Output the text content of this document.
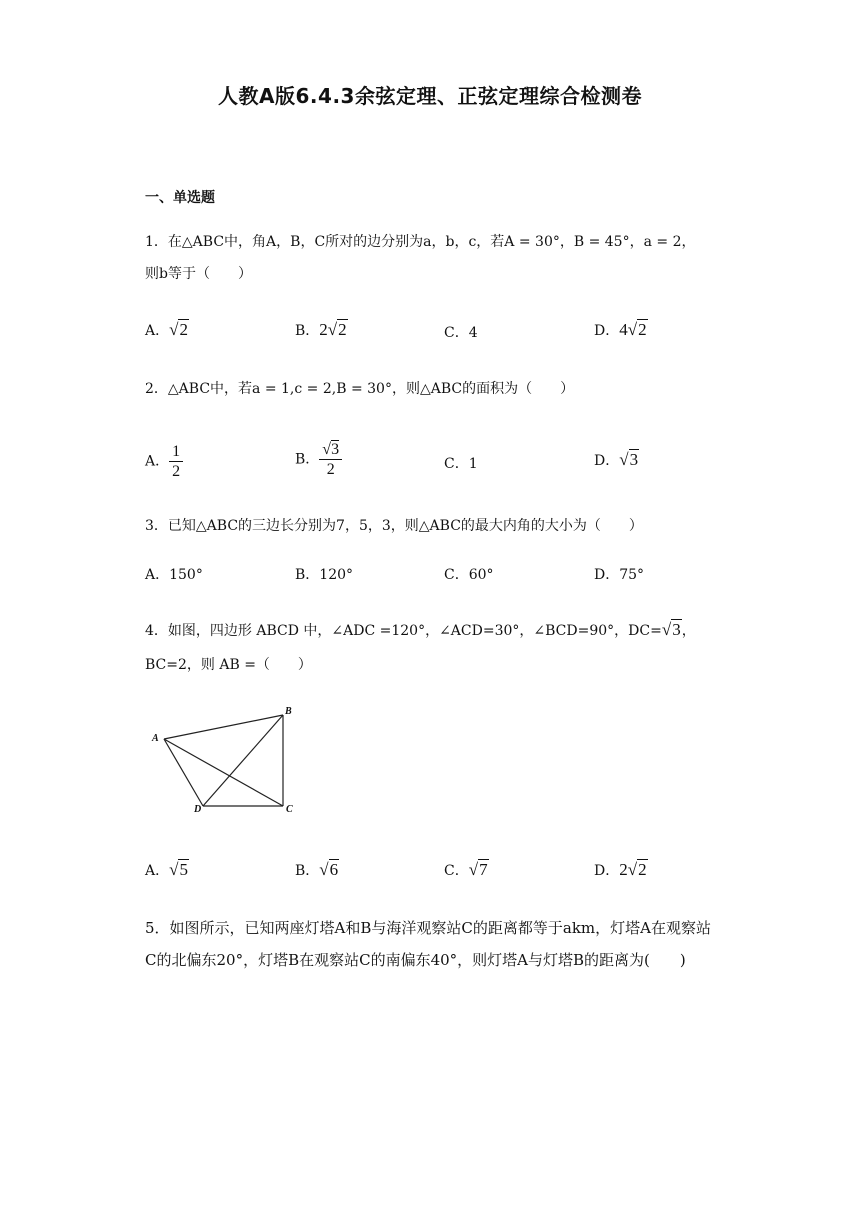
人教A版6.4.3余弦定理、正弦定理综合检测卷
一、单选题
1．在△ABC中，角A，B，C所对的边分别为a，b，c，若A = 30°，B = 45°，a = 2，
则b等于（　　）
A．√2	B．2√2	C．4	D．4√2
2．△ABC中，若a = 1,c = 2,B = 30°，则△ABC的面积为（　　）
A． $\frac{1}{2}$	B． $\frac{√3}{2}$	C．1	D．√3
3．已知△ABC的三边长分别为7，5，3，则△ABC的最大内角的大小为（　　）
A．150°	B．120°	C．60°	D．75°
4．如图，四边形 ABCD 中，∠ADC =120°，∠ACD=30°，∠BCD=90°，DC=√3，
BC=2，则 AB =（　　）
A
B
C
D
A．√5	B．√6	C．√7	D．2√2
5．如图所示，已知两座灯塔A和B与海洋观察站C的距离都等于akm，灯塔A在观察站C的北偏东20°，灯塔B在观察站C的南偏东40°，则灯塔A与灯塔B的距离为(　　)
